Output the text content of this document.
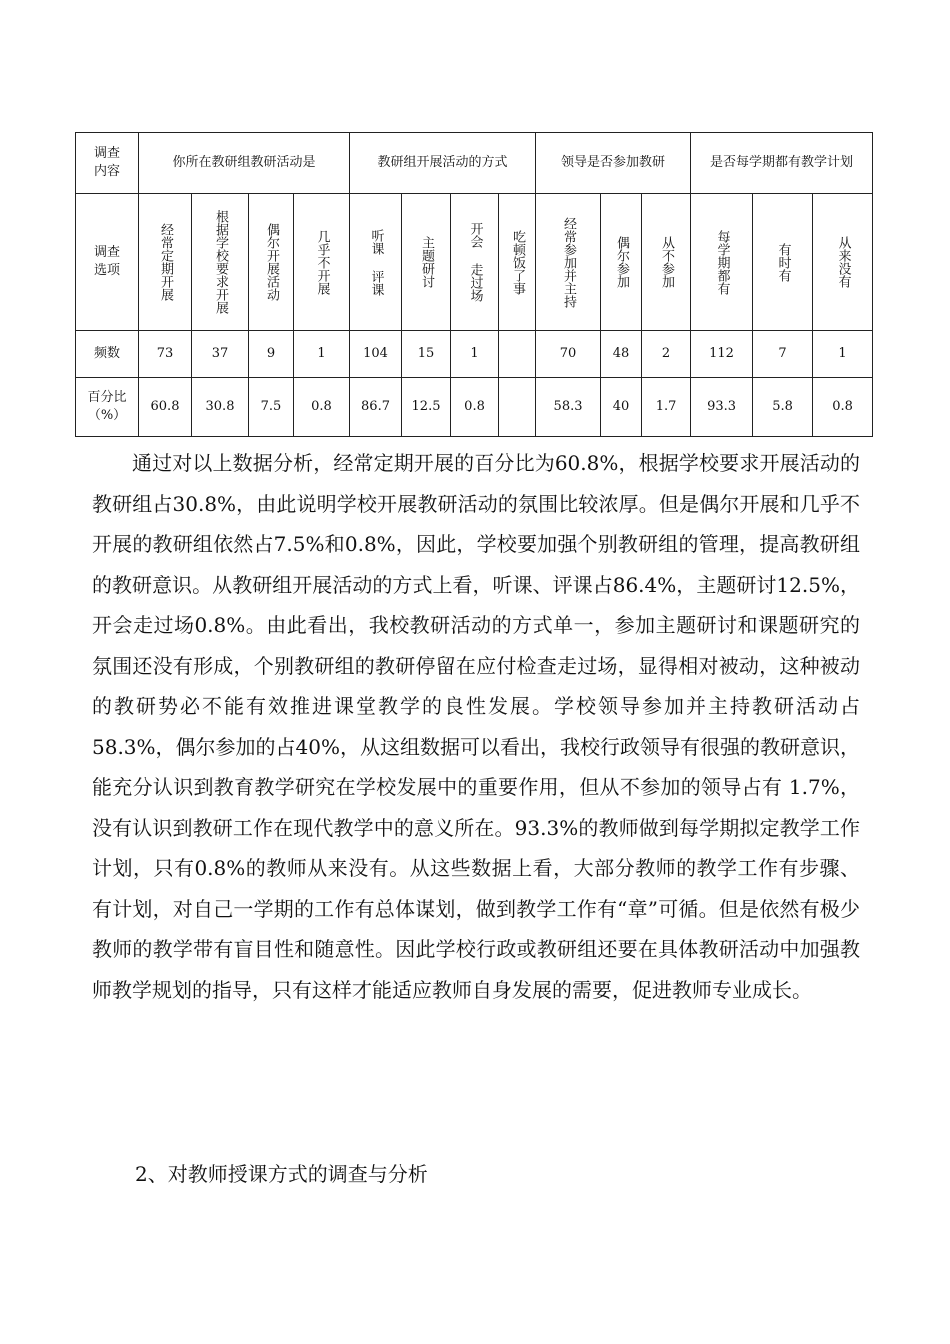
调查
内容	你所在教研组教研活动是				教研组开展活动的方式				领导是否参加教研			是否每学期都有教学计划		

调查
选项	经常定期开展	根据学校要求开展	偶尔开展活动	几乎不开展	听课 评课	主题研讨	开会 走过场	吃顿饭了事	经常参加并主持	偶尔参加	从不参加	每学期都有	有时有	从来没有
频数	73	37	9	1	104	15	1		70	48	2	112	7	1

百分比
（%）	60.8	30.8	7.5	0.8	86.7	12.5	0.8		58.3	40	1.7	93.3	5.8	0.8

通过对以上数据分析，经常定期开展的百分比为60.8%，根据学校要求开展活动的教研组占30.8%，由此说明学校开展教研活动的氛围比较浓厚。但是偶尔开展和几乎不开展的教研组依然占7.5%和0.8%，因此，学校要加强个别教研组的管理，提高教研组的教研意识。从教研组开展活动的方式上看，听课、评课占86.4%，主题研讨12.5%，开会走过场0.8%。由此看出，我校教研活动的方式单一，参加主题研讨和课题研究的氛围还没有形成，个别教研组的教研停留在应付检查走过场，显得相对被动，这种被动的教研势必不能有效推进课堂教学的良性发展。学校领导参加并主持教研活动占58.3%，偶尔参加的占40%，从这组数据可以看出，我校行政领导有很强的教研意识，能充分认识到教育教学研究在学校发展中的重要作用，但从不参加的领导占有 1.7%，没有认识到教研工作在现代教学中的意义所在。93.3%的教师做到每学期拟定教学工作计划，只有0.8%的教师从来没有。从这些数据上看，大部分教师的教学工作有步骤、有计划，对自己一学期的工作有总体谋划，做到教学工作有“章”可循。但是依然有极少教师的教学带有盲目性和随意性。因此学校行政或教研组还要在具体教研活动中加强教师教学规划的指导，只有这样才能适应教师自身发展的需要，促进教师专业成长。

2、对教师授课方式的调查与分析
